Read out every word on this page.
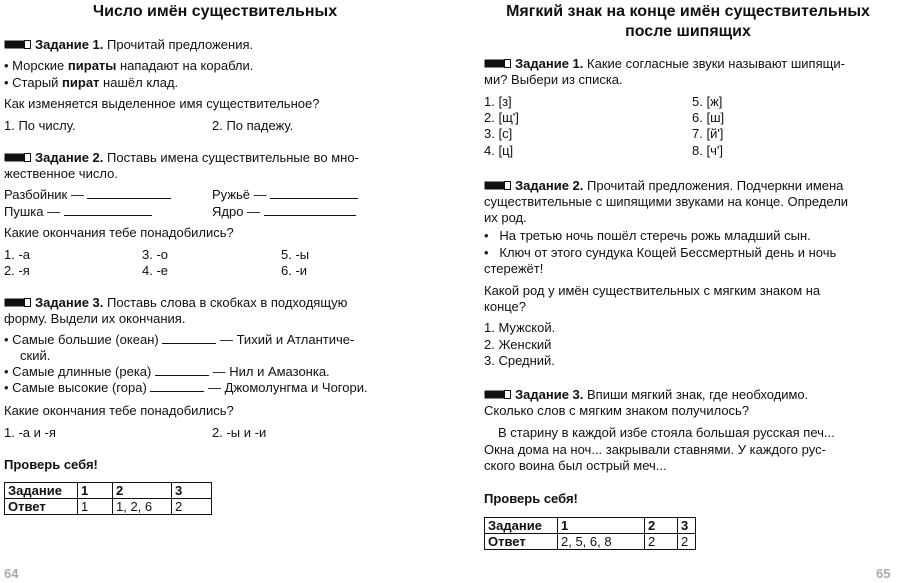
Число имён существительных
Задание 1. Прочитай предложения.
• Морские пираты нападают на корабли.
• Старый пират нашёл клад.
Как изменяется выделенное имя существительное?
1. По числу.	2. По падежу.
Задание 2. Поставь имена существительные во мно-
жественное число.
Разбойник —	Ружьё —
Пушка —	Ядро —
Какие окончания тебе понадобились?
1. -а	3. -о	5. -ы
2. -я	4. -е	6. -и
Задание 3. Поставь слова в скобках в подходящую
форму. Выдели их окончания.
• Самые большие (океан)	— Тихий и Атлантиче-
ский.
• Самые длинные (река)	— Нил и Амазонка.
• Самые высокие (гора)	— Джомолунгма и Чогори.
Какие окончания тебе понадобились?
1. -а и -я	2. -ы и -и
Проверь себя!
Задание	1	2	3
Ответ	1	1, 2, 6	2
64
Мягкий знак на конце имён существительных
после шипящих
Задание 1. Какие согласные звуки называют шипящи-
ми? Выбери из списка.
1. [з]
2. [щ']
3. [с]
4. [ц]
5. [ж]
6. [ш]
7. [й']
8. [ч']
Задание 2. Прочитай предложения. Подчеркни имена
существительные с шипящими звуками на конце. Определи
их род.
•   На третью ночь пошёл стеречь рожь младший сын.
•   Ключ от этого сундука Кощей Бессмертный день и ночь
стережёт!
Какой род у имён существительных с мягким знаком на
конце?
1. Мужской.
2. Женский
3. Средний.
Задание 3. Впиши мягкий знак, где необходимо.
Сколько слов с мягким знаком получилось?
В старину в каждой избе стояла большая русская печ...
Окна дома на ноч... закрывали ставнями. У каждого рус-
ского воина был острый меч...
Проверь себя!
Задание	1	2	3
Ответ	2, 5, 6, 8	2	2
65
